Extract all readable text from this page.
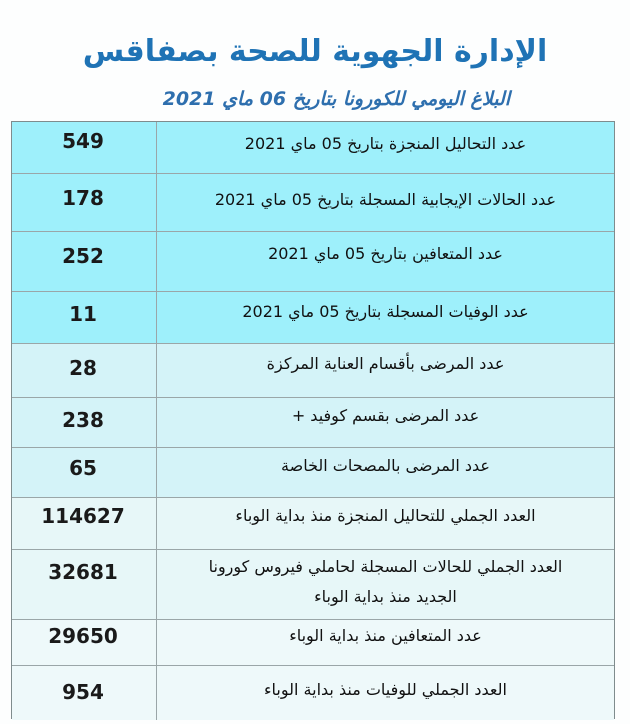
الإدارة الجهوية للصحة بصفاقس
البلاغ اليومي للكورونا بتاريخ 06 ماي 2021
549	عدد التحاليل المنجزة بتاريخ 05 ماي 2021
178	عدد الحالات الإيجابية المسجلة بتاريخ 05 ماي 2021
252	عدد المتعافين بتاريخ 05 ماي 2021
11	عدد الوفيات المسجلة بتاريخ 05 ماي 2021
28	عدد المرضى بأقسام العناية المركزة
238	عدد المرضى بقسم كوفيد +
65	عدد المرضى بالمصحات الخاصة
114627	العدد الجملي للتحاليل المنجزة منذ بداية الوباء
32681	العدد الجملي للحالات المسجلة لحاملي فيروس كورونا الجديد منذ بداية الوباء
29650	عدد المتعافين منذ بداية الوباء
954	العدد الجملي للوفيات منذ بداية الوباء
